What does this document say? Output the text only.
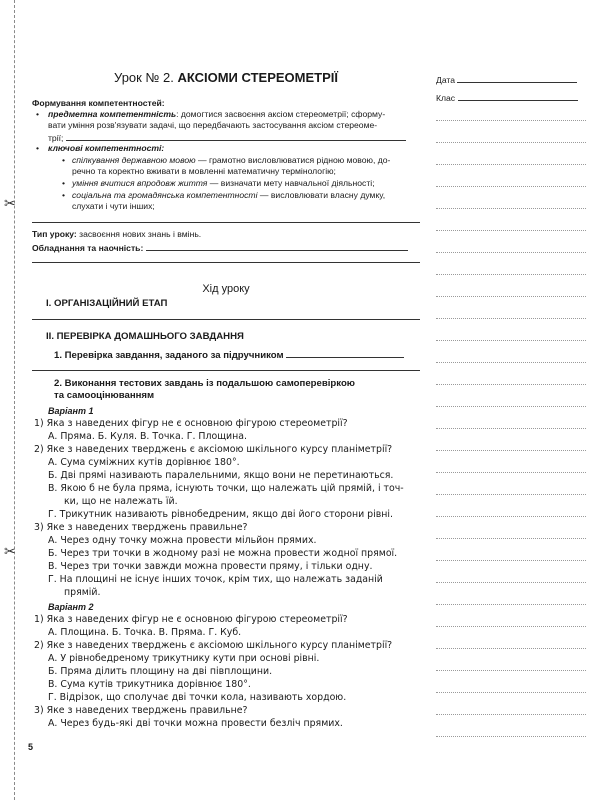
✂
✂
Урок № 2. АКСІОМИ СТЕРЕОМЕТРІЇ
Формування компетентностей:
• предметна компетентність: домогтися засвоєння аксіом стереометрії; сформу-
вати уміння розв'язувати задачі, що передбачають застосування аксіом стереоме-
трії;
• ключові компетентності:
• спілкування державною мовою — грамотно висловлюватися рідною мовою, до-
речно та коректно вживати в мовленні математичну термінологію;
• уміння вчитися впродовж життя — визначати мету навчальної діяльності;
• соціальна та громадянська компетентності — висловлювати власну думку,
слухати і чути інших;
Тип уроку: засвоєння нових знань і вмінь.
Обладнання та наочність:
Хід уроку
І. ОРГАНІЗАЦІЙНИЙ ЕТАП
ІІ. ПЕРЕВІРКА ДОМАШНЬОГО ЗАВДАННЯ
1. Перевірка завдання, заданого за підручником
2. Виконання тестових завдань із подальшою самоперевіркою
та самооцінюванням
Варіант 1
1) Яка з наведених фігур не є основною фігурою стереометрії?
А. Пряма. Б. Куля. В. Точка. Г. Площина.
2) Яке з наведених тверджень є аксіомою шкільного курсу планіметрії?
А. Сума суміжних кутів дорівнює 180°.
Б. Дві прямі називають паралельними, якщо вони не перетинаються.
В. Якою б не була пряма, існують точки, що належать цій прямій, і точ-
ки, що не належать їй.
Г. Трикутник називають рівнобедреним, якщо дві його сторони рівні.
3) Яке з наведених тверджень правильне?
А. Через одну точку можна провести мільйон прямих.
Б. Через три точки в жодному разі не можна провести жодної прямої.
В. Через три точки завжди можна провести пряму, і тільки одну.
Г. На площині не існує інших точок, крім тих, що належать заданій
прямій.
Варіант 2
1) Яка з наведених фігур не є основною фігурою стереометрії?
А. Площина. Б. Точка. В. Пряма. Г. Куб.
2) Яке з наведених тверджень є аксіомою шкільного курсу планіметрії?
А. У рівнобедреному трикутнику кути при основі рівні.
Б. Пряма ділить площину на дві півплощини.
В. Сума кутів трикутника дорівнює 180°.
Г. Відрізок, що сполучає дві точки кола, називають хордою.
3) Яке з наведених тверджень правильне?
А. Через будь-які дві точки можна провести безліч прямих.
5
Дата
Клас
